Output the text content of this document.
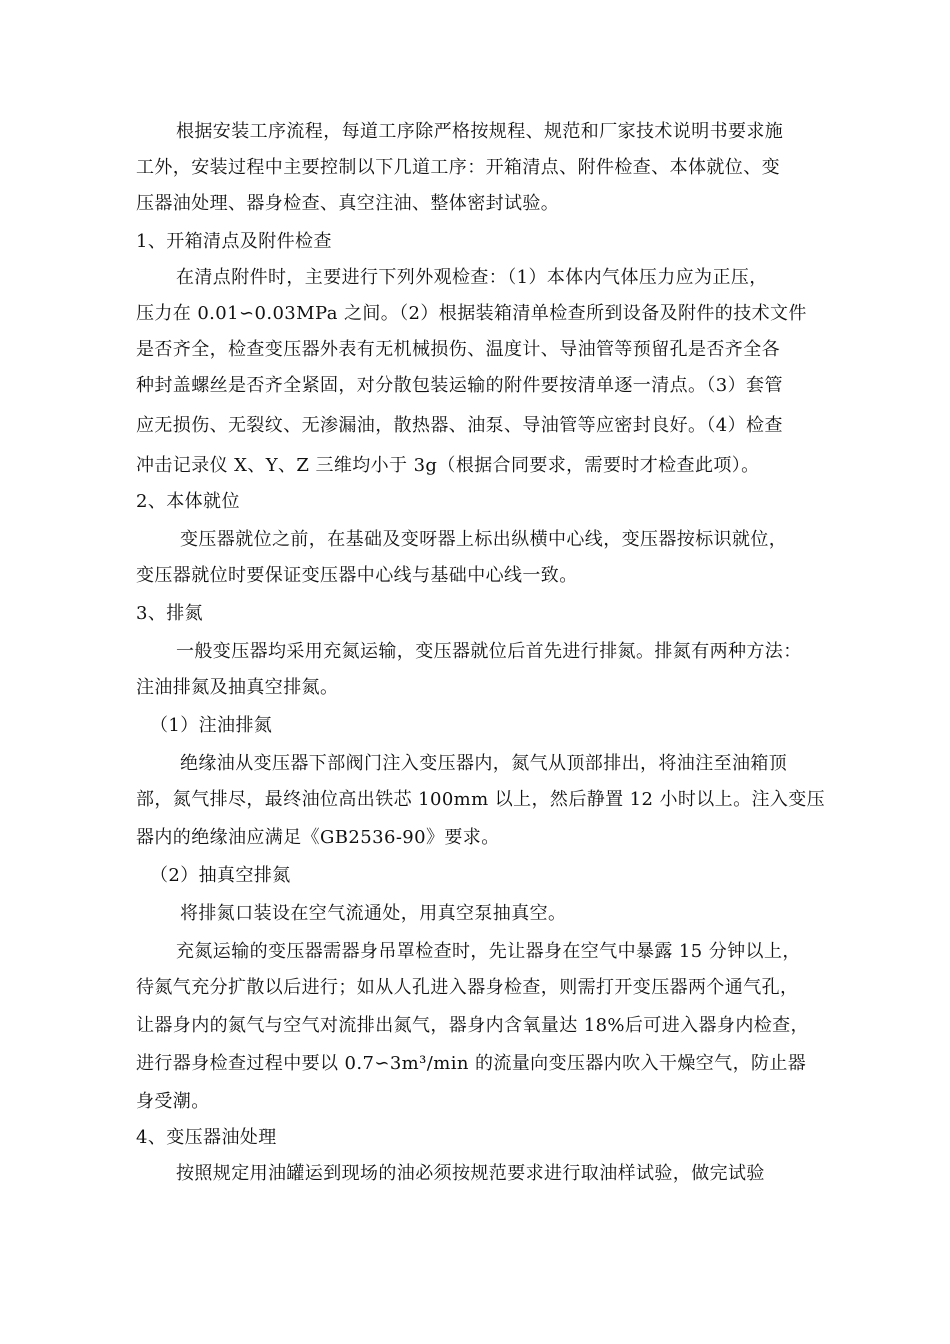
根据安装工序流程，每道工序除严格按规程、规范和厂家技术说明书要求施
工外，安装过程中主要控制以下几道工序：开箱清点、附件检查、本体就位、变
压器油处理、器身检查、真空注油、整体密封试验。
1、开箱清点及附件检查
在清点附件时，主要进行下列外观检查：（1）本体内气体压力应为正压，
压力在 0.01∽0.03MPa 之间。（2）根据装箱清单检查所到设备及附件的技术文件
是否齐全，检查变压器外表有无机械损伤、温度计、导油管等预留孔是否齐全各
种封盖螺丝是否齐全紧固，对分散包装运输的附件要按清单逐一清点。（3）套管
应无损伤、无裂纹、无渗漏油，散热器、油泵、导油管等应密封良好。（4）检查
冲击记录仪 X、Y、Z 三维均小于 3g（根据合同要求，需要时才检查此项）。
2、本体就位
变压器就位之前，在基础及变呀器上标出纵横中心线，变压器按标识就位，
变压器就位时要保证变压器中心线与基础中心线一致。
3、排氮
一般变压器均采用充氮运输，变压器就位后首先进行排氮。排氮有两种方法：
注油排氮及抽真空排氮。
（1）注油排氮
绝缘油从变压器下部阀门注入变压器内，氮气从顶部排出，将油注至油箱顶
部，氮气排尽，最终油位高出铁芯 100mm 以上，然后静置 12 小时以上。注入变压
器内的绝缘油应满足《GB2536-90》要求。
（2）抽真空排氮
将排氮口装设在空气流通处，用真空泵抽真空。
充氮运输的变压器需器身吊罩检查时，先让器身在空气中暴露 15 分钟以上，
待氮气充分扩散以后进行；如从人孔进入器身检查，则需打开变压器两个通气孔，
让器身内的氮气与空气对流排出氮气，器身内含氧量达 18%后可进入器身内检查，
进行器身检查过程中要以 0.7∽3m³/min 的流量向变压器内吹入干燥空气，防止器
身受潮。
4、变压器油处理
按照规定用油罐运到现场的油必须按规范要求进行取油样试验，做完试验
